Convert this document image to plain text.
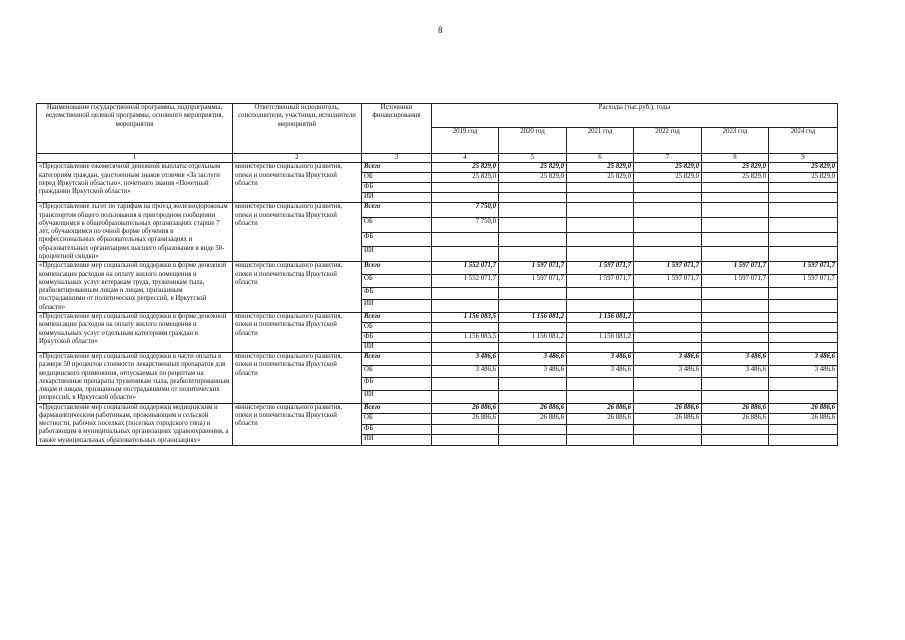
8
Наименование государственной программы, подпрограммы, ведомственной целевой программы, основного мероприятия, мероприятия	Ответственный исполнитель, соисполнители, участники, исполнители мероприятий	Источники финансирования	Расходы (тыс.руб.), годы					
			2019 год	2020 год	2021 год	2022 год	2023 год	2024 год
1	2	3	4	5	6	7	8	9
«Предоставление ежемесячной денежной выплаты отдельным категориям граждан, удостоенным знаков отличия «За заслуги перед Иркутской областью», почетного звания «Почетный гражданин Иркутской области»	министерство социального развития, опеки и попечительства Иркутской области	Всего	25 829,0	25 829,0	25 829,0	25 829,0	25 829,0	25 829,0
		ОБ	25 829,0	25 829,0	25 829,0	25 829,0	25 829,0	25 829,0
		ФБ						
		ИИ						
«Предоставление льгот по тарифам на проезд железнодорожным транспортом общего пользования в пригородном сообщении обучающимся в общеобразовательных организациях старше 7 лет, обучающимся по очной форме обучения в профессиональных образовательных организациях и образовательных организациях высшего образования в виде 50-процентной скидки»	министерство социального развития, опеки и попечительства Иркутской области	Всего	7 750,0					
		ОБ	7 750,0					
		ФБ						
		ИИ						
«Предоставление мер социальной поддержки в форме денежной компенсации расходов на оплату жилого помещения и коммунальных услуг ветеранам труда, труженикам тыла, реабилитированным лицам и лицам, признанным пострадавшими от политических репрессий, в Иркутской области»	министерство социального развития, опеки и попечительства Иркутской области	Всего	1 552 071,7	1 597 071,7	1 597 071,7	1 597 071,7	1 597 071,7	1 597 071,7
		ОБ	1 552 071,7	1 597 071,7	1 597 071,7	1 597 071,7	1 597 071,7	1 597 071,7
		ФБ						
		ИИ						
«Предоставление мер социальной поддержки в форме денежной компенсации расходов на оплату жилого помещения и коммунальных услуг отдельным категориям граждан в Иркутской области»	министерство социального развития, опеки и попечительства Иркутской области	Всего	1 156 083,5	1 156 081,2	1 156 081,2			
		ОБ						
		ФБ	1 156 083,5	1 156 081,2	1 156 081,2			
		ИИ						
«Предоставление мер социальной поддержки в части оплаты в размере 50 процентов стоимости лекарственных препаратов для медицинского применения, отпускаемых по рецептам на лекарственные препараты труженикам тыла, реабилитированным лицам и лицам, признанным пострадавшими от политических репрессий, в Иркутской области»	министерство социального развития, опеки и попечительства Иркутской области	Всего	3 486,6	3 486,6	3 486,6	3 486,6	3 486,6	3 486,6
		ОБ	3 486,6	3 486,6	3 486,6	3 486,6	3 486,6	3 486,6
		ФБ						
		ИИ						
«Предоставление мер социальной поддержки медицинским и фармацевтическим работникам, проживающим в сельской местности, рабочих поселках (поселках городского типа) и работающим в муниципальных организациях здравоохранения, а также муниципальных образовательных организациях»	министерство социального развития, опеки и попечительства Иркутской области	Всего	26 886,6	26 886,6	26 886,6	26 886,6	26 886,6	26 886,6
		ОБ	26 886,6	26 886,6	26 886,6	26 886,6	26 886,6	26 886,6
		ФБ						
		ИИ						
